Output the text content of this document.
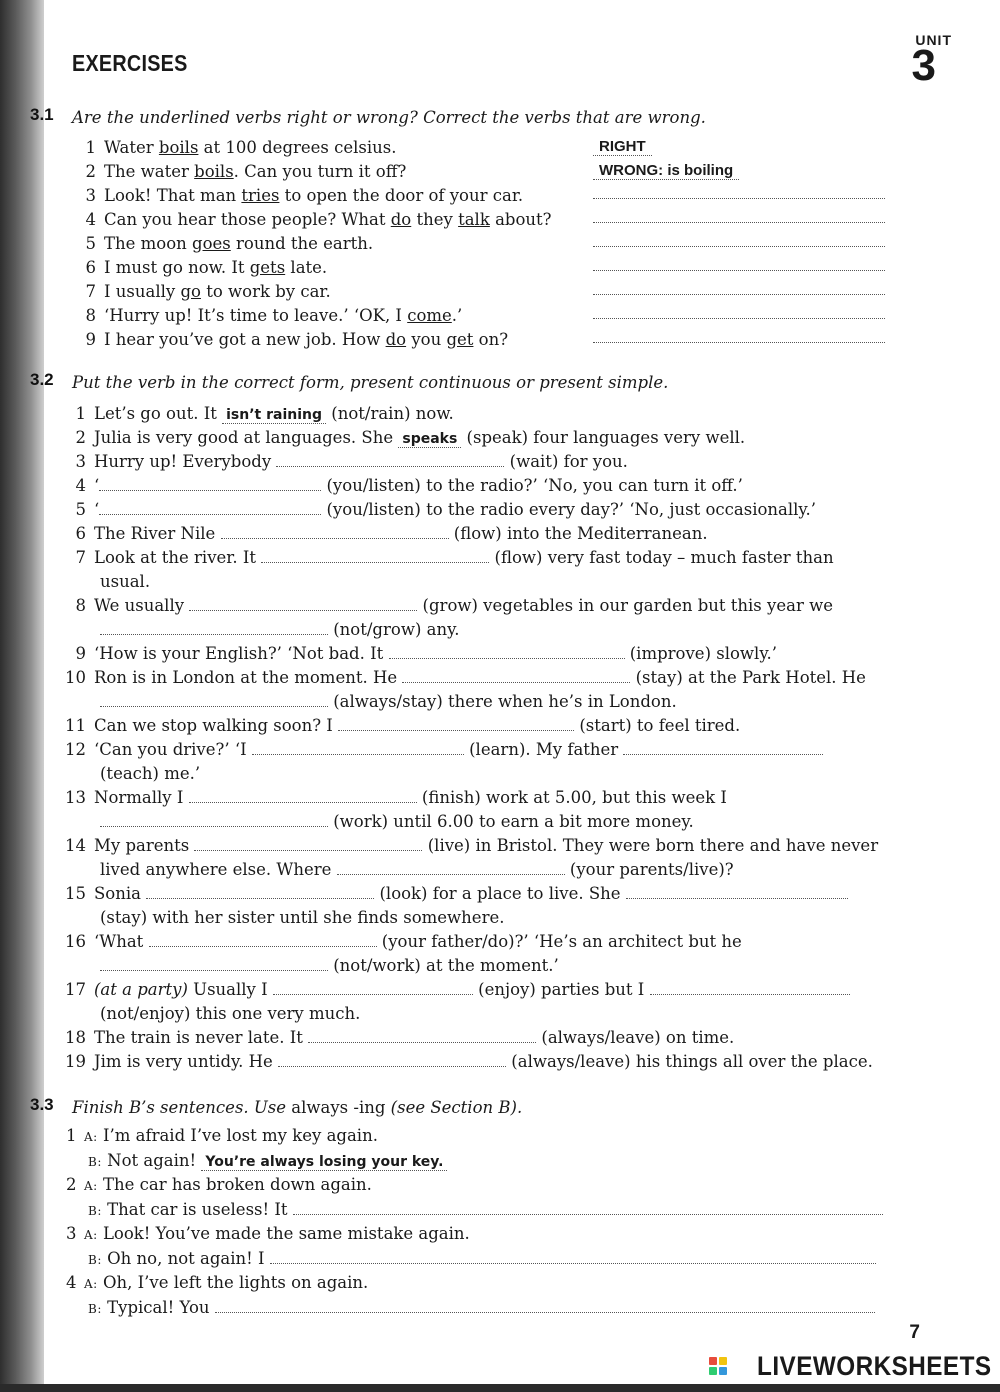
EXERCISES
UNIT
3
3.1 Are the underlined verbs right or wrong? Correct the verbs that are wrong.
1 Water boils at 100 degrees celsius.	RIGHT
2 The water boils. Can you turn it off?	WRONG: is boiling
3 Look! That man tries to open the door of your car.
4 Can you hear those people? What do they talk about?
5 The moon goes round the earth.
6 I must go now. It gets late.
7 I usually go to work by car.
8 ‘Hurry up! It’s time to leave.’ ‘OK, I come.’
9 I hear you’ve got a new job. How do you get on?
3.2 Put the verb in the correct form, present continuous or present simple.
1 Let’s go out. It isn’t raining (not/rain) now.
2 Julia is very good at languages. She speaks (speak) four languages very well.
3 Hurry up! Everybody	(wait) for you.
4 ‘	(you/listen) to the radio?’ ‘No, you can turn it off.’
5 ‘	(you/listen) to the radio every day?’ ‘No, just occasionally.’
6 The River Nile	(flow) into the Mediterranean.
7 Look at the river. It	(flow) very fast today – much faster than
usual.
8 We usually	(grow) vegetables in our garden but this year we
(not/grow) any.
9 ‘How is your English?’ ‘Not bad. It	(improve) slowly.’
10 Ron is in London at the moment. He	(stay) at the Park Hotel. He
(always/stay) there when he’s in London.
11 Can we stop walking soon? I	(start) to feel tired.
12 ‘Can you drive?’ ‘I	(learn). My father
(teach) me.’
13 Normally I	(finish) work at 5.00, but this week I
(work) until 6.00 to earn a bit more money.
14 My parents	(live) in Bristol. They were born there and have never
lived anywhere else. Where	(your parents/live)?
15 Sonia	(look) for a place to live. She
(stay) with her sister until she finds somewhere.
16 ‘What	(your father/do)?’ ‘He’s an architect but he
(not/work) at the moment.’
17 (at a party) Usually I	(enjoy) parties but I
(not/enjoy) this one very much.
18 The train is never late. It	(always/leave) on time.
19 Jim is very untidy. He	(always/leave) his things all over the place.
3.3 Finish B’s sentences. Use always -ing (see Section B).
1 A: I’m afraid I’ve lost my key again.
B: Not again! You’re always losing your key.
2 A: The car has broken down again.
B: That car is useless! It
3 A: Look! You’ve made the same mistake again.
B: Oh no, not again! I
4 A: Oh, I’ve left the lights on again.
B: Typical! You
7
LIVEWORKSHEETS
